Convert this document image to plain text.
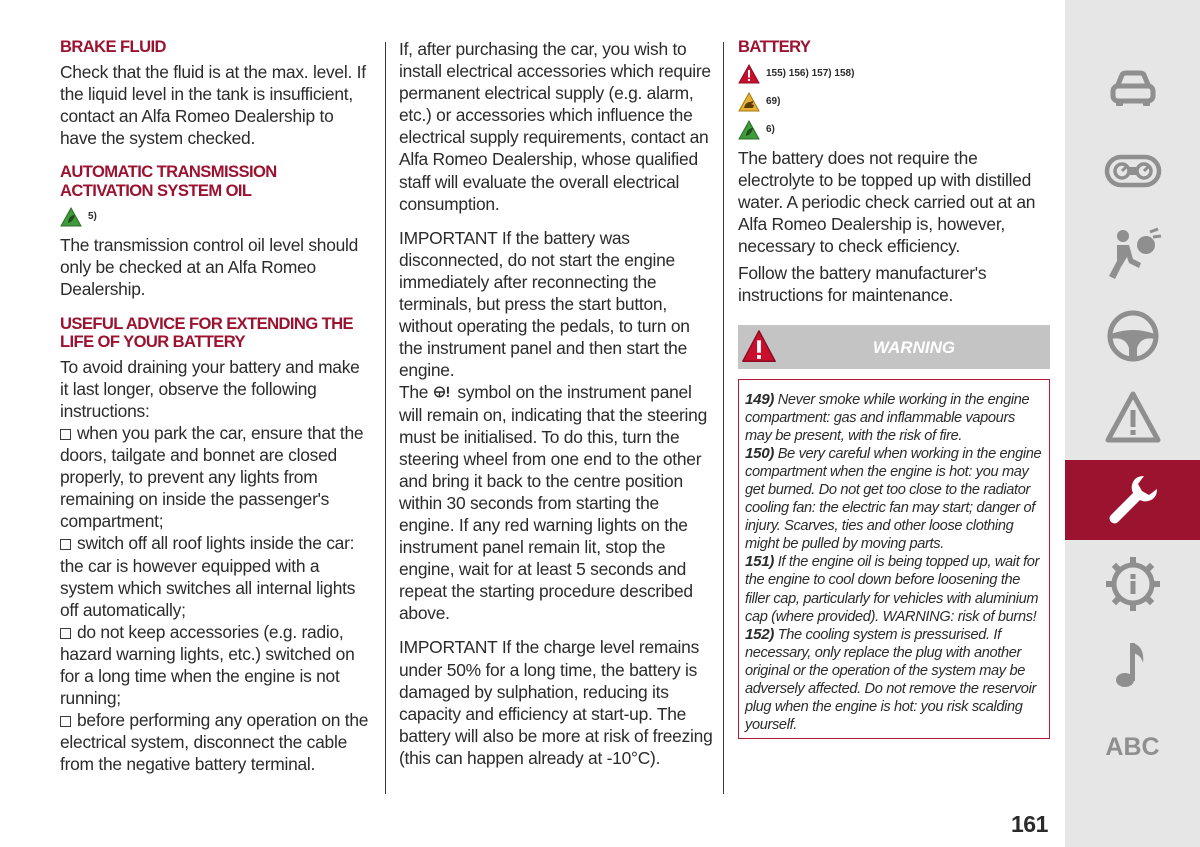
BRAKE FLUID

Check that the fluid is at the max. level. If the liquid level in the tank is insufficient, contact an Alfa Romeo Dealership to have the system checked.

AUTOMATIC TRANSMISSION ACTIVATION SYSTEM OIL
5)

The transmission control oil level should only be checked at an Alfa Romeo Dealership.

USEFUL ADVICE FOR EXTENDING THE LIFE OF YOUR BATTERY

To avoid draining your battery and make it last longer, observe the following instructions:

when you park the car, ensure that the doors, tailgate and bonnet are closed properly, to prevent any lights from remaining on inside the passenger's compartment;

switch off all roof lights inside the car: the car is however equipped with a system which switches all internal lights off automatically;

do not keep accessories (e.g. radio, hazard warning lights, etc.) switched on for a long time when the engine is not running;

before performing any operation on the electrical system, disconnect the cable from the negative battery terminal.

If, after purchasing the car, you wish to install electrical accessories which require permanent electrical supply (e.g. alarm, etc.) or accessories which influence the electrical supply requirements, contact an Alfa Romeo Dealership, whose qualified staff will evaluate the overall electrical consumption.

IMPORTANT If the battery was disconnected, do not start the engine immediately after reconnecting the terminals, but press the start button, without operating the pedals, to turn on the instrument panel and then start the engine.

The symbol on the instrument panel will remain on, indicating that the steering must be initialised. To do this, turn the steering wheel from one end to the other and bring it back to the centre position within 30 seconds from starting the engine. If any red warning lights on the instrument panel remain lit, stop the engine, wait for at least 5 seconds and repeat the starting procedure described above.

IMPORTANT If the charge level remains under 50% for a long time, the battery is damaged by sulphation, reducing its capacity and efficiency at start-up. The battery will also be more at risk of freezing (this can happen already at -10°C).

BATTERY
155) 156) 157) 158)
69)
6)

The battery does not require the electrolyte to be topped up with distilled water. A periodic check carried out at an Alfa Romeo Dealership is, however, necessary to check efficiency.

Follow the battery manufacturer's instructions for maintenance.

WARNING

149) Never smoke while working in the engine compartment: gas and inflammable vapours may be present, with the risk of fire.

150) Be very careful when working in the engine compartment when the engine is hot: you may get burned. Do not get too close to the radiator cooling fan: the electric fan may start; danger of injury. Scarves, ties and other loose clothing might be pulled by moving parts.

151) If the engine oil is being topped up, wait for the engine to cool down before loosening the filler cap, particularly for vehicles with aluminium cap (where provided). WARNING: risk of burns!

152) The cooling system is pressurised. If necessary, only replace the plug with another original or the operation of the system may be adversely affected. Do not remove the reservoir plug when the engine is hot: you risk scalding yourself.

161
ABC
